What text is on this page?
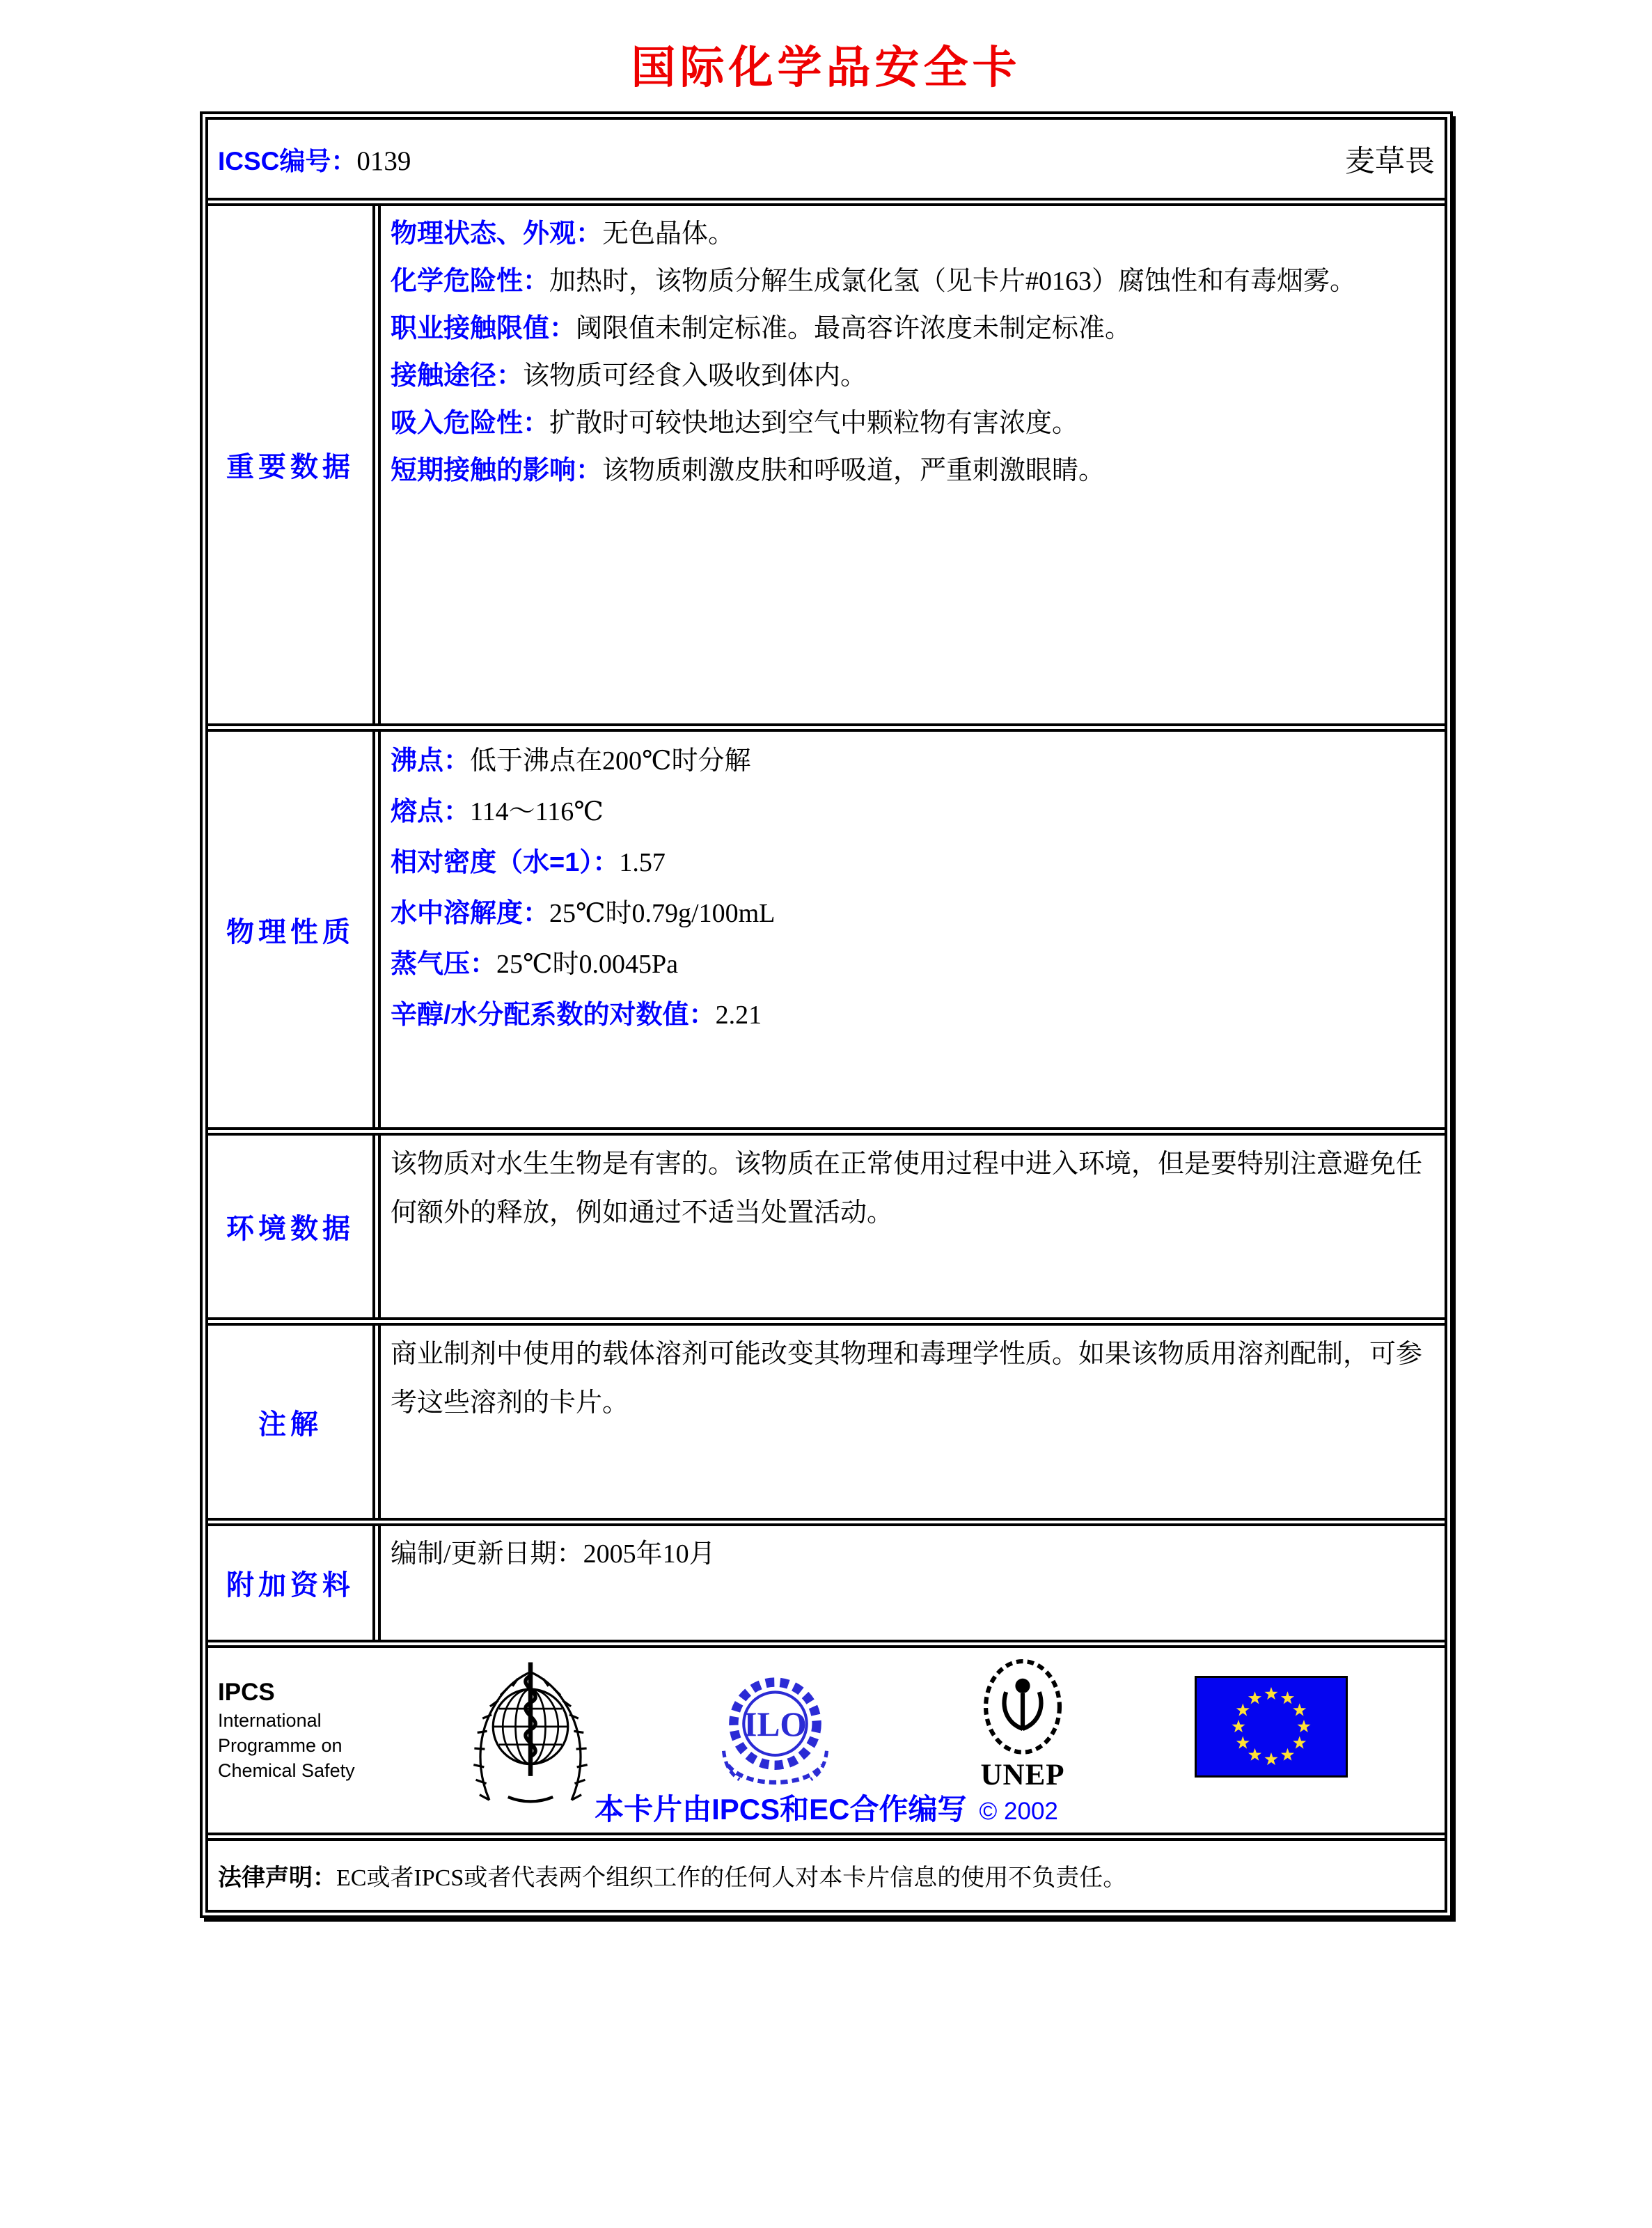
国际化学品安全卡
ICSC编号：0139	麦草畏
重要数据
物理状态、外观：无色晶体。
化学危险性：加热时，该物质分解生成氯化氢（见卡片#0163）腐蚀性和有毒烟雾。
职业接触限值：阈限值未制定标准。最高容许浓度未制定标准。
接触途径：该物质可经食入吸收到体内。
吸入危险性：扩散时可较快地达到空气中颗粒物有害浓度。
短期接触的影响：该物质刺激皮肤和呼吸道，严重刺激眼睛。
物理性质
沸点：低于沸点在200℃时分解
熔点：114～116℃
相对密度（水=1）：1.57
水中溶解度：25℃时0.79g/100mL
蒸气压：25℃时0.0045Pa
辛醇/水分配系数的对数值：2.21
环境数据

该物质对水生生物是有害的。该物质在正常使用过程中进入环境，但是要特别注意避免任何额外的释放，例如通过不适当处置活动。

注解

商业制剂中使用的载体溶剂可能改变其物理和毒理学性质。如果该物质用溶剂配制，可参考这些溶剂的卡片。

附加资料
编制/更新日期：2005年10月
IPCS
International
Programme on
Chemical Safety
ILO
UNEP
本卡片由IPCS和EC合作编写 © 2002
法律声明： EC或者IPCS或者代表两个组织工作的任何人对本卡片信息的使用不负责任。
